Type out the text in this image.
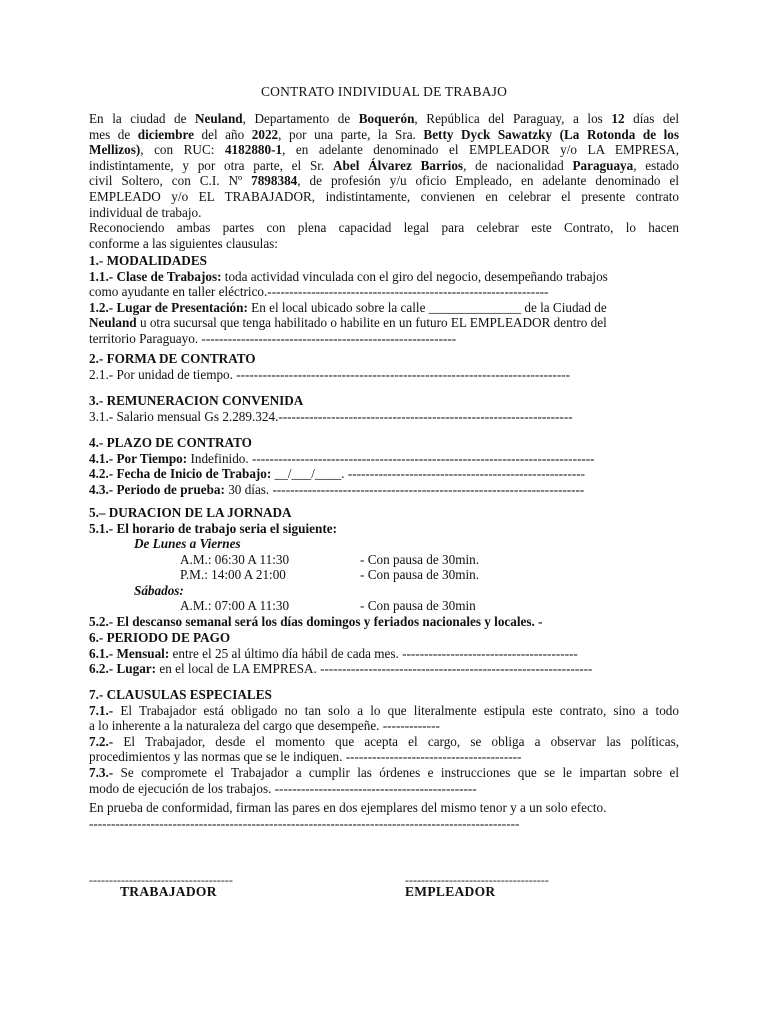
CONTRATO INDIVIDUAL DE TRABAJO
En la ciudad de Neuland, Departamento de Boquerón, República del Paraguay, a los 12 días del
mes de diciembre del año 2022, por una parte, la Sra. Betty Dyck Sawatzky (La Rotonda de los
Mellizos), con RUC: 4182880-1, en adelante denominado el EMPLEADOR y/o LA EMPRESA,
indistintamente, y por otra parte, el Sr. Abel Álvarez Barrios, de nacionalidad Paraguaya, estado
civil Soltero, con C.I. Nº 7898384, de profesión y/u oficio Empleado, en adelante denominado el
EMPLEADO y/o EL TRABAJADOR, indistintamente, convienen en celebrar el presente contrato
individual de trabajo.
Reconociendo ambas partes con plena capacidad legal para celebrar este Contrato, lo hacen
conforme a las siguientes clausulas:
1.- MODALIDADES
1.1.- Clase de Trabajos: toda actividad vinculada con el giro del negocio, desempeñando trabajos
como ayudante en taller eléctrico.----------------------------------------------------------------
1.2.- Lugar de Presentación: En el local ubicado sobre la calle ______________ de la Ciudad de
Neuland u otra sucursal que tenga habilitado o habilite en un futuro EL EMPLEADOR dentro del
territorio Paraguayo. ----------------------------------------------------------
2.- FORMA DE CONTRATO
2.1.- Por unidad de tiempo. ----------------------------------------------------------------------------
3.- REMUNERACION CONVENIDA
3.1.- Salario mensual Gs 2.289.324.-------------------------------------------------------------------
4.- PLAZO DE CONTRATO
4.1.- Por Tiempo: Indefinido. ------------------------------------------------------------------------------
4.2.- Fecha de Inicio de Trabajo: __/___/____. ------------------------------------------------------
4.3.- Periodo de prueba: 30 días. -----------------------------------------------------------------------
5.– DURACION DE LA JORNADA
5.1.- El horario de trabajo seria el siguiente:
De Lunes a Viernes
A.M.: 06:30 A 11:30	- Con pausa de 30min.
P.M.: 14:00 A 21:00	- Con pausa de 30min.
Sábados:
A.M.: 07:00 A 11:30	- Con pausa de 30min
5.2.- El descanso semanal será los días domingos y feriados nacionales y locales. -
6.- PERIODO DE PAGO
6.1.- Mensual: entre el 25 al último día hábil de cada mes. ----------------------------------------
6.2.- Lugar: en el local de LA EMPRESA. --------------------------------------------------------------
7.- CLAUSULAS ESPECIALES
7.1.- El Trabajador está obligado no tan solo a lo que literalmente estipula este contrato, sino a todo
a lo inherente a la naturaleza del cargo que desempeñe. -------------
7.2.- El Trabajador, desde el momento que acepta el cargo, se obliga a observar las políticas,
procedimientos y las normas que se le indiquen. ----------------------------------------
7.3.- Se compromete el Trabajador a cumplir las órdenes e instrucciones que se le impartan sobre el
modo de ejecución de los trabajos. ----------------------------------------------
En prueba de conformidad, firman las pares en dos ejemplares del mismo tenor y a un solo efecto.
--------------------------------------------------------------------------------------------------
------------------------------------	------------------------------------
TRABAJADOR	EMPLEADOR
